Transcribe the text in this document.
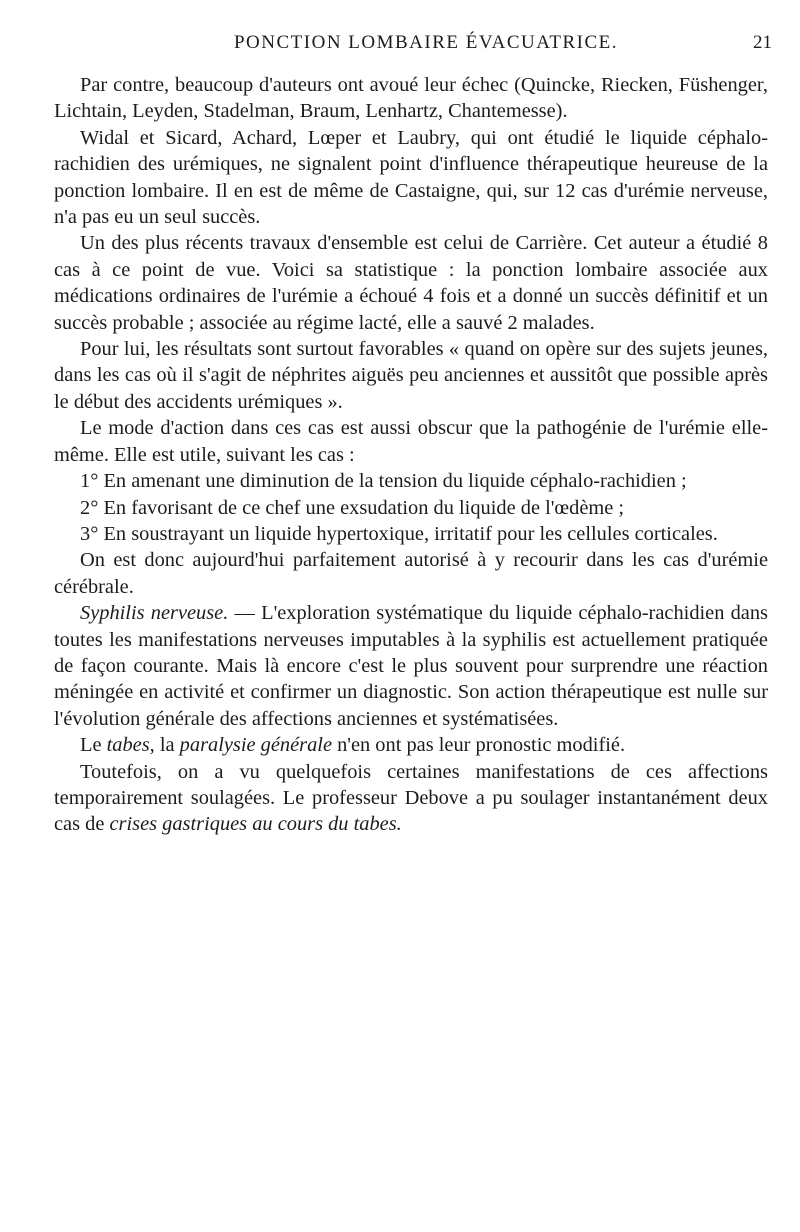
PONCTION LOMBAIRE ÉVACUATRICE.	21

Par contre, beaucoup d'auteurs ont avoué leur échec (Quincke, Riecken, Füshenger, Lichtain, Leyden, Stadelman, Braum, Lenhartz, Chantemesse).

Widal et Sicard, Achard, Lœper et Laubry, qui ont étudié le liquide céphalo-rachidien des urémiques, ne signalent point d'influence thérapeutique heureuse de la ponction lombaire. Il en est de même de Castaigne, qui, sur 12 cas d'urémie nerveuse, n'a pas eu un seul succès.

Un des plus récents travaux d'ensemble est celui de Carrière. Cet auteur a étudié 8 cas à ce point de vue. Voici sa statistique : la ponction lombaire associée aux médications ordinaires de l'urémie a échoué 4 fois et a donné un succès définitif et un succès probable ; associée au régime lacté, elle a sauvé 2 malades.

Pour lui, les résultats sont surtout favorables « quand on opère sur des sujets jeunes, dans les cas où il s'agit de néphrites aiguës peu anciennes et aussitôt que possible après le début des accidents urémiques ».

Le mode d'action dans ces cas est aussi obscur que la pathogénie de l'urémie elle-même. Elle est utile, suivant les cas :

1° En amenant une diminution de la tension du liquide céphalo-rachidien ;

2° En favorisant de ce chef une exsudation du liquide de l'œdème ;

3° En soustrayant un liquide hypertoxique, irritatif pour les cellules corticales.

On est donc aujourd'hui parfaitement autorisé à y recourir dans les cas d'urémie cérébrale.

Syphilis nerveuse. — L'exploration systématique du liquide céphalo-rachidien dans toutes les manifestations nerveuses imputables à la syphilis est actuellement pratiquée de façon courante. Mais là encore c'est le plus souvent pour surprendre une réaction méningée en activité et confirmer un diagnostic. Son action thérapeutique est nulle sur l'évolution générale des affections anciennes et systématisées.

Le tabes, la paralysie générale n'en ont pas leur pronostic modifié.

Toutefois, on a vu quelquefois certaines manifestations de ces affections temporairement soulagées. Le professeur Debove a pu soulager instantanément deux cas de crises gastriques au cours du tabes.
